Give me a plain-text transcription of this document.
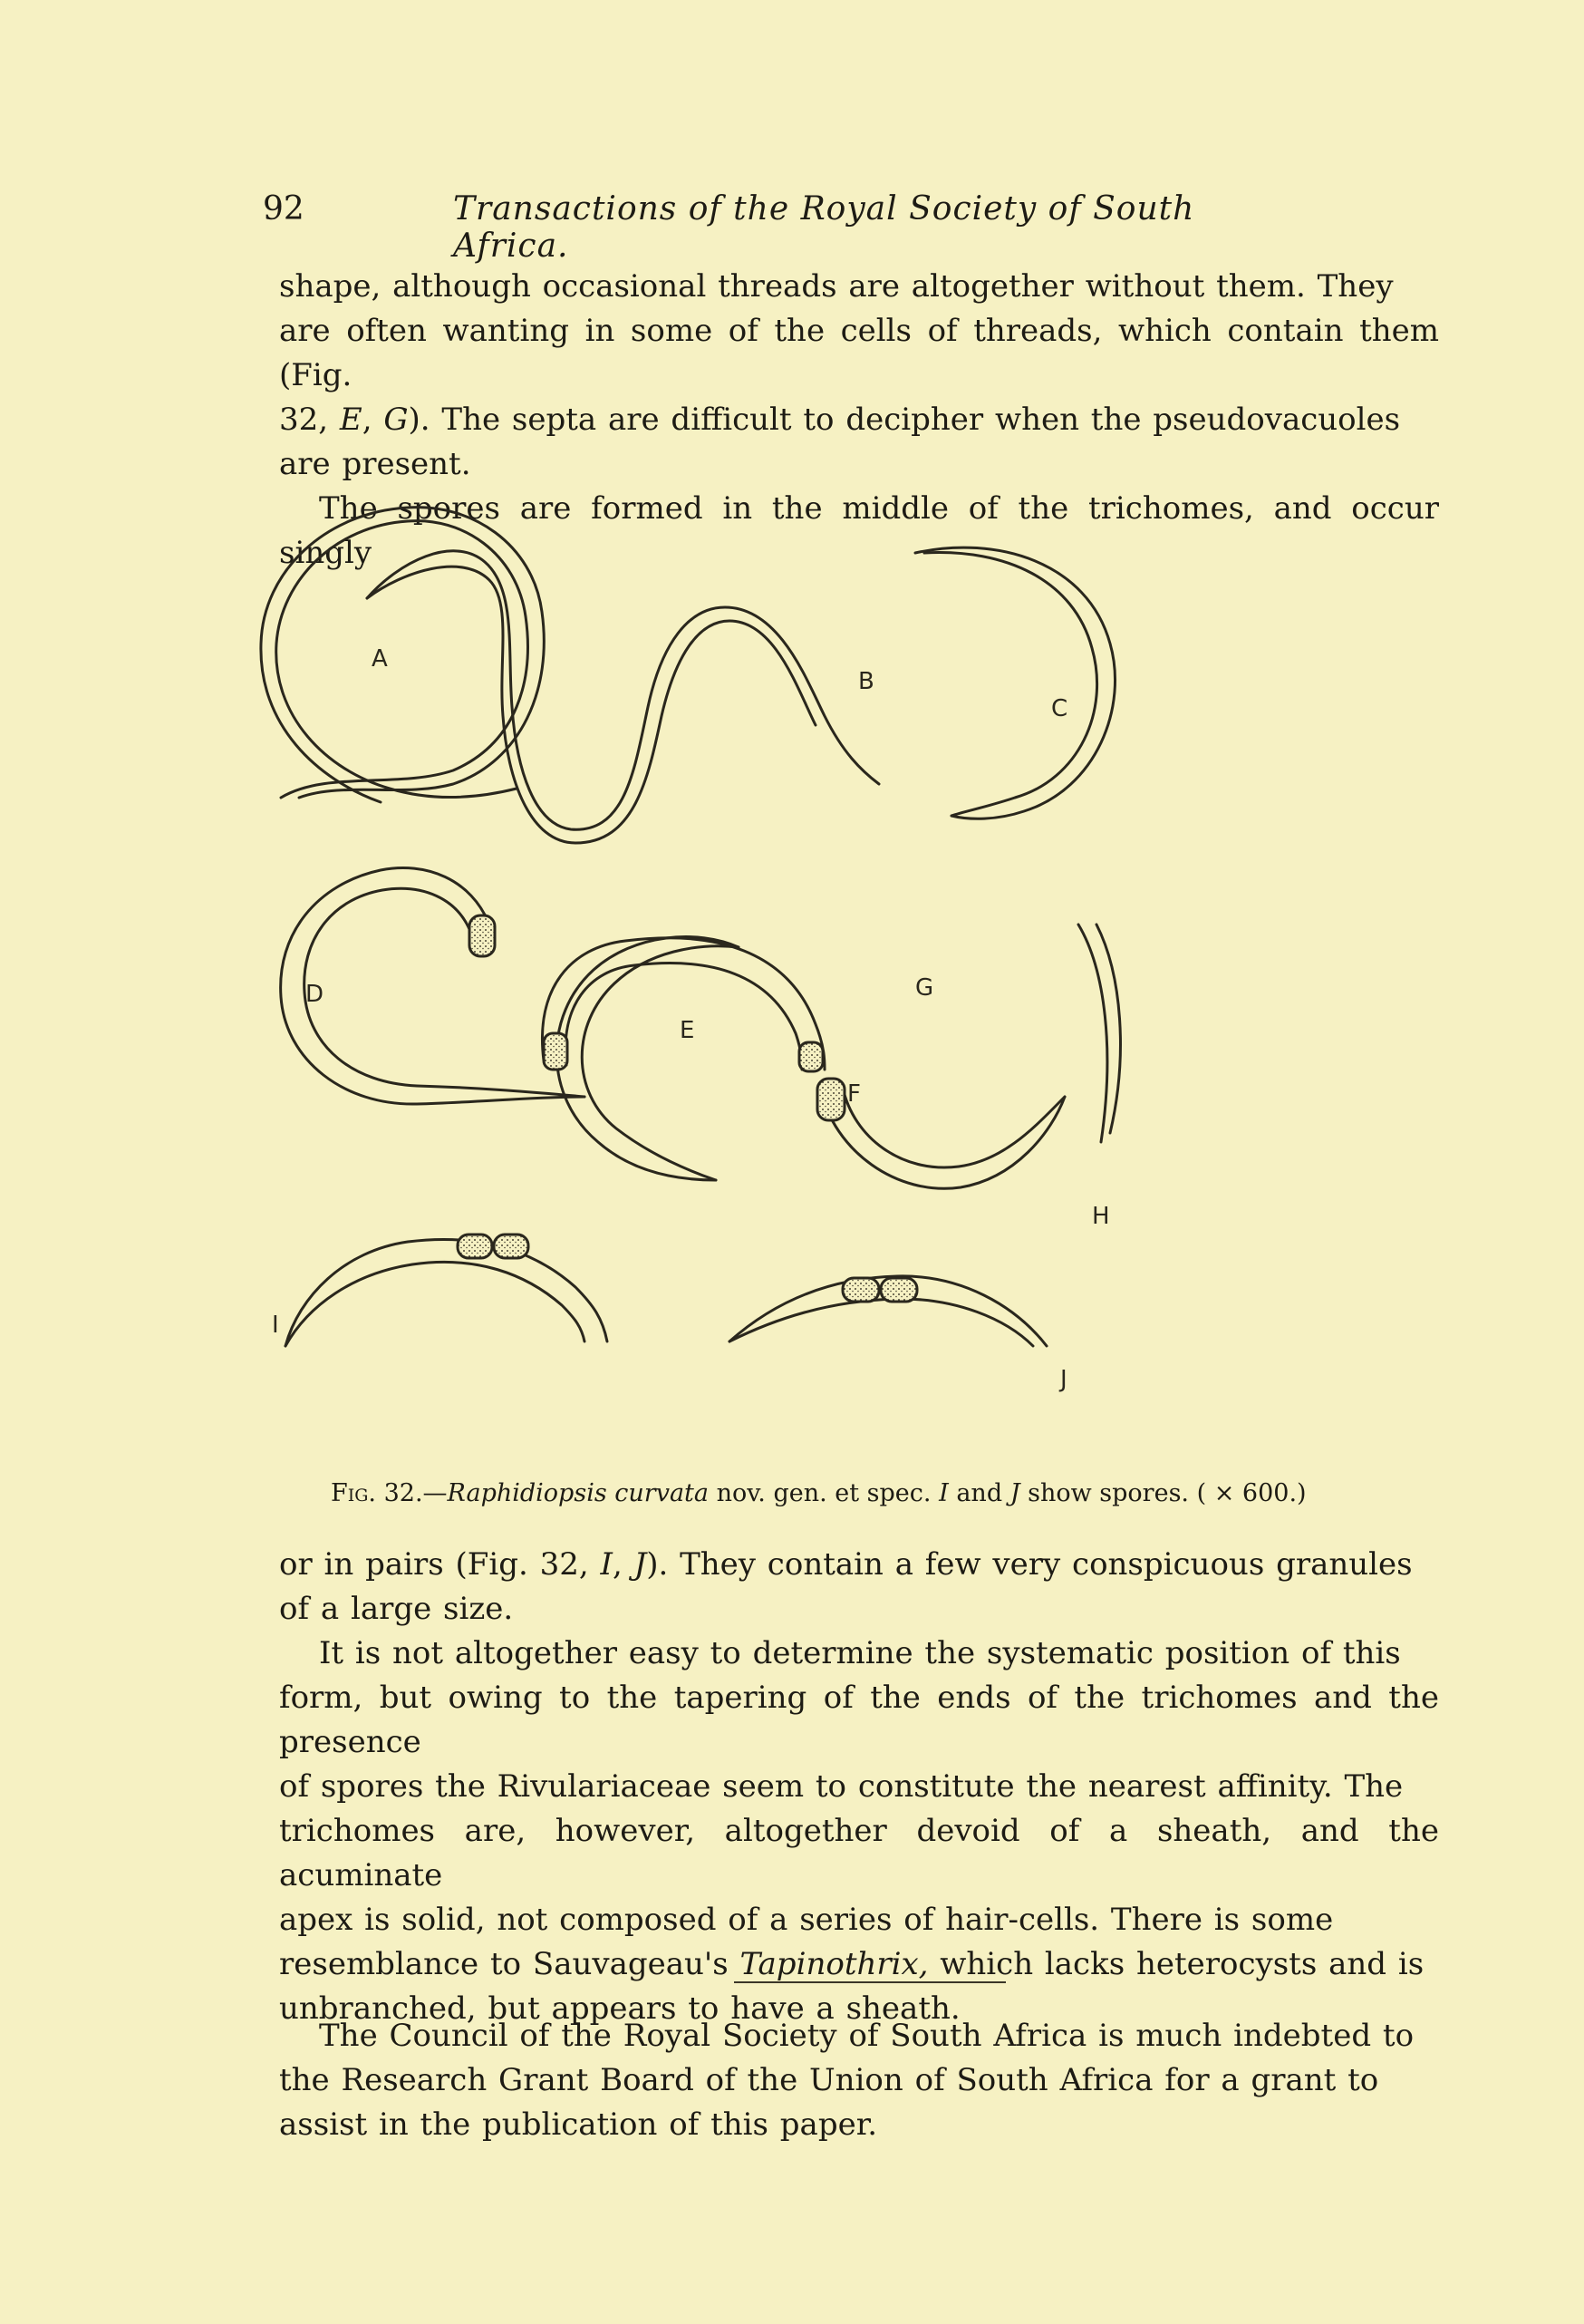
92	Transactions of the Royal Society of South Africa.

shape, although occasional threads are altogether without them. They

are often wanting in some of the cells of threads, which contain them (Fig.

32, E, G). The septa are difficult to decipher when the pseudovacuoles

are present.

The spores are formed in the middle of the trichomes, and occur singly

A
B
C
D
E
F
G
H
I
J
Fig. 32.—Raphidiopsis curvata nov. gen. et spec. I and J show spores. ( × 600.)

or in pairs (Fig. 32, I, J). They contain a few very conspicuous granules

of a large size.

It is not altogether easy to determine the systematic position of this

form, but owing to the tapering of the ends of the trichomes and the presence

of spores the Rivulariaceae seem to constitute the nearest affinity. The

trichomes are, however, altogether devoid of a sheath, and the acuminate

apex is solid, not composed of a series of hair-cells. There is some

resemblance to Sauvageau's Tapinothrix, which lacks heterocysts and is

unbranched, but appears to have a sheath.

The Council of the Royal Society of South Africa is much indebted to

the Research Grant Board of the Union of South Africa for a grant to

assist in the publication of this paper.
